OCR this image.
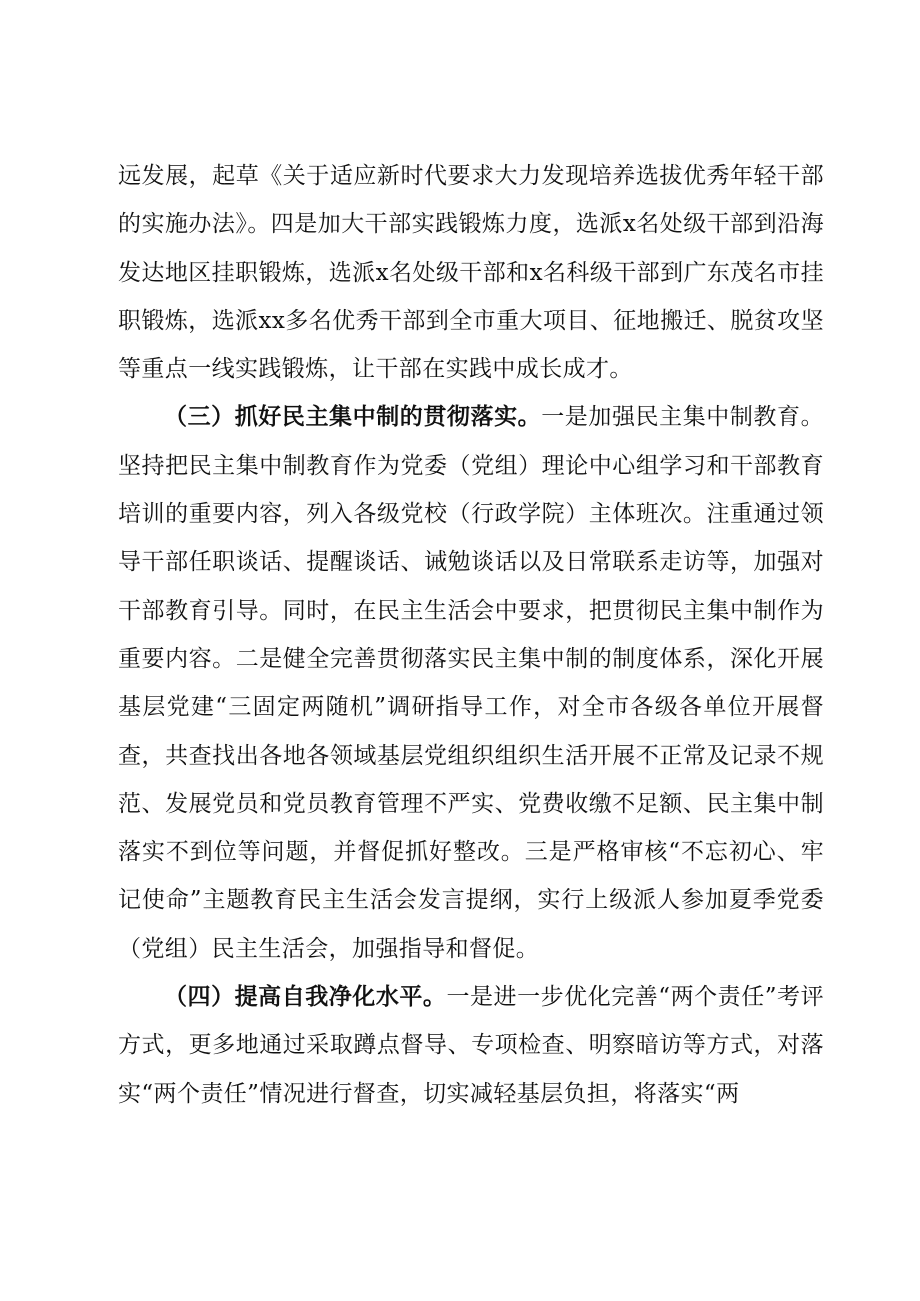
远发展，起草《关于适应新时代要求大力发现培养选拔优秀年轻干部的实施办法》。四是加大干部实践锻炼力度，选派x名处级干部到沿海发达地区挂职锻炼，选派x名处级干部和x名科级干部到广东茂名市挂职锻炼，选派xx多名优秀干部到全市重大项目、征地搬迁、脱贫攻坚等重点一线实践锻炼，让干部在实践中成长成才。

（三）抓好民主集中制的贯彻落实。一是加强民主集中制教育。坚持把民主集中制教育作为党委（党组）理论中心组学习和干部教育培训的重要内容，列入各级党校（行政学院）主体班次。注重通过领导干部任职谈话、提醒谈话、诫勉谈话以及日常联系走访等，加强对干部教育引导。同时，在民主生活会中要求，把贯彻民主集中制作为重要内容。二是健全完善贯彻落实民主集中制的制度体系，深化开展基层党建“三固定两随机”调研指导工作，对全市各级各单位开展督查，共查找出各地各领域基层党组织组织生活开展不正常及记录不规范、发展党员和党员教育管理不严实、党费收缴不足额、民主集中制落实不到位等问题，并督促抓好整改。三是严格审核“不忘初心、牢记使命”主题教育民主生活会发言提纲，实行上级派人参加夏季党委（党组）民主生活会，加强指导和督促。

（四）提高自我净化水平。一是进一步优化完善“两个责任”考评方式，更多地通过采取蹲点督导、专项检查、明察暗访等方式，对落实“两个责任”情况进行督查，切实减轻基层负担，将落实“两
